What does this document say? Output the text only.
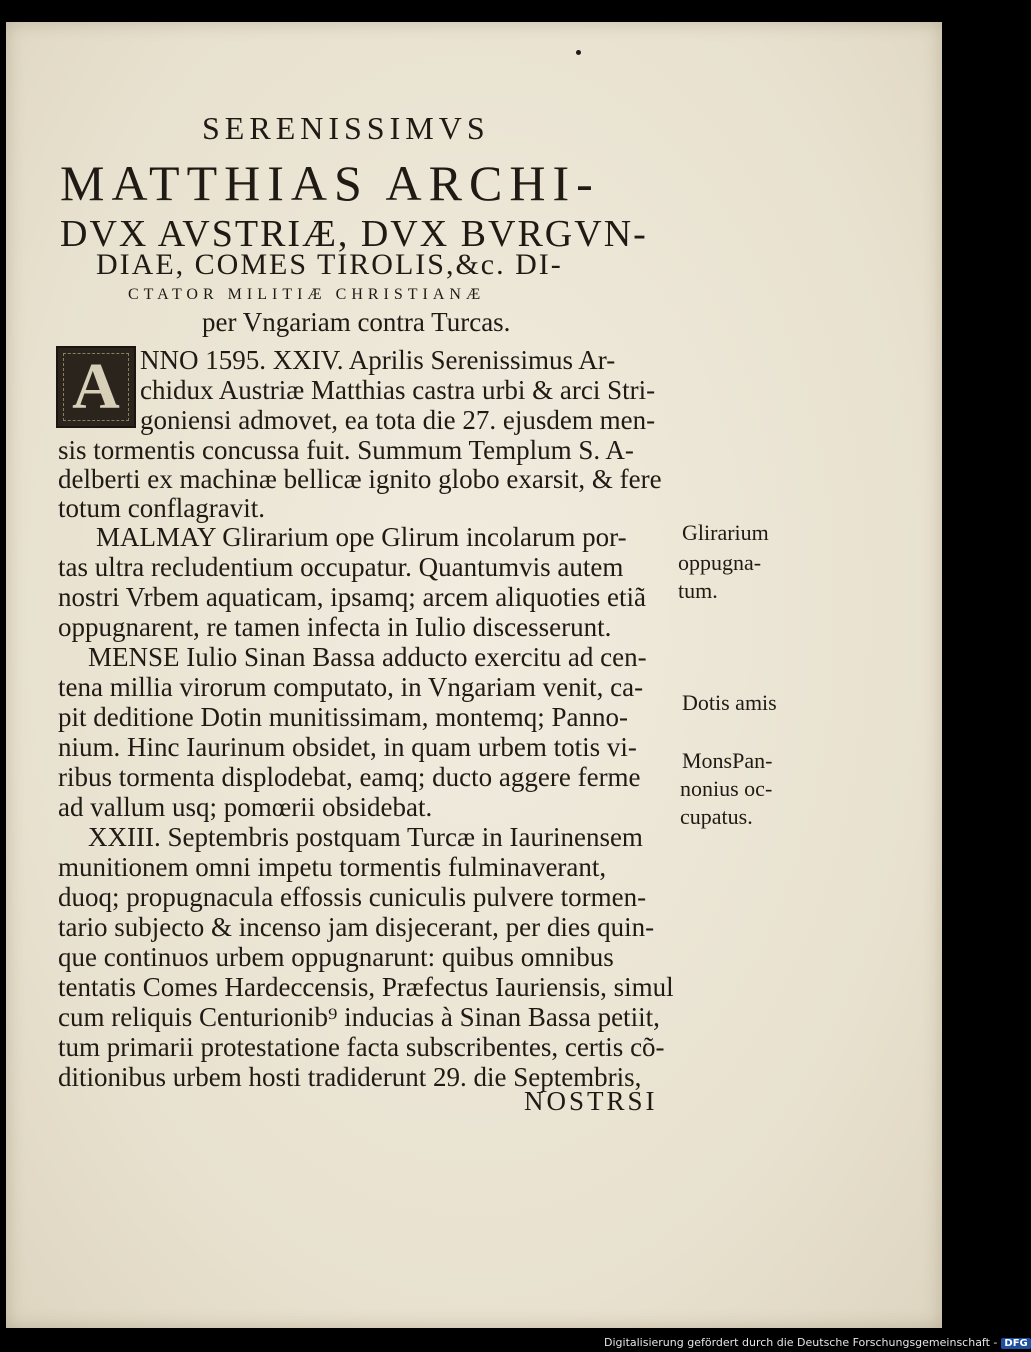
SERENISSIMVS
MATTHIAS ARCHI-
DVX AVSTRIÆ, DVX BVRGVN-
DIAE, COMES TIROLIS,&c. DI-
CTATOR MILITIÆ CHRISTIANÆ
per Vngariam contra Turcas.
A NNO 1595. XXIV. Aprilis Serenissimus Ar-
chidux Austriæ Matthias castra urbi & arci Stri-
goniensi admovet, ea tota die 27. ejusdem men-
sis tormentis concussa fuit. Summum Templum S. A-
delberti ex machinæ bellicæ ignito globo exarsit, & fere
totum conflagravit.
MALMAY Glirarium ope Glirum incolarum por-
tas ultra recludentium occupatur. Quantumvis autem
nostri Vrbem aquaticam, ipsamq; arcem aliquoties etiã
oppugnarent, re tamen infecta in Iulio discesserunt.
MENSE Iulio Sinan Bassa adducto exercitu ad cen-
tena millia virorum computato, in Vngariam venit, ca-
pit deditione Dotin munitissimam, montemq; Panno-
nium. Hinc Iaurinum obsidet, in quam urbem totis vi-
ribus tormenta displodebat, eamq; ducto aggere ferme
ad vallum usq; pomœrii obsidebat.
XXIII. Septembris postquam Turcæ in Iaurinensem
munitionem omni impetu tormentis fulminaverant,
duoq; propugnacula effossis cuniculis pulvere tormen-
tario subjecto & incenso jam disjecerant, per dies quin-
que continuos urbem oppugnarunt: quibus omnibus
tentatis Comes Hardeccensis, Præfectus Iauriensis, simul
cum reliquis Centurionib⁹ inducias à Sinan Bassa petiit,
tum primarii protestatione facta subscribentes, certis cõ-
ditionibus urbem hosti tradiderunt 29. die Septembris,
NOSTRSI
Glirarium
oppugna-
tum.
Dotis amis
MonsPan-
nonius oc-
cupatus.
Digitalisierung gefördert durch die Deutsche Forschungsgemeinschaft - DFG
